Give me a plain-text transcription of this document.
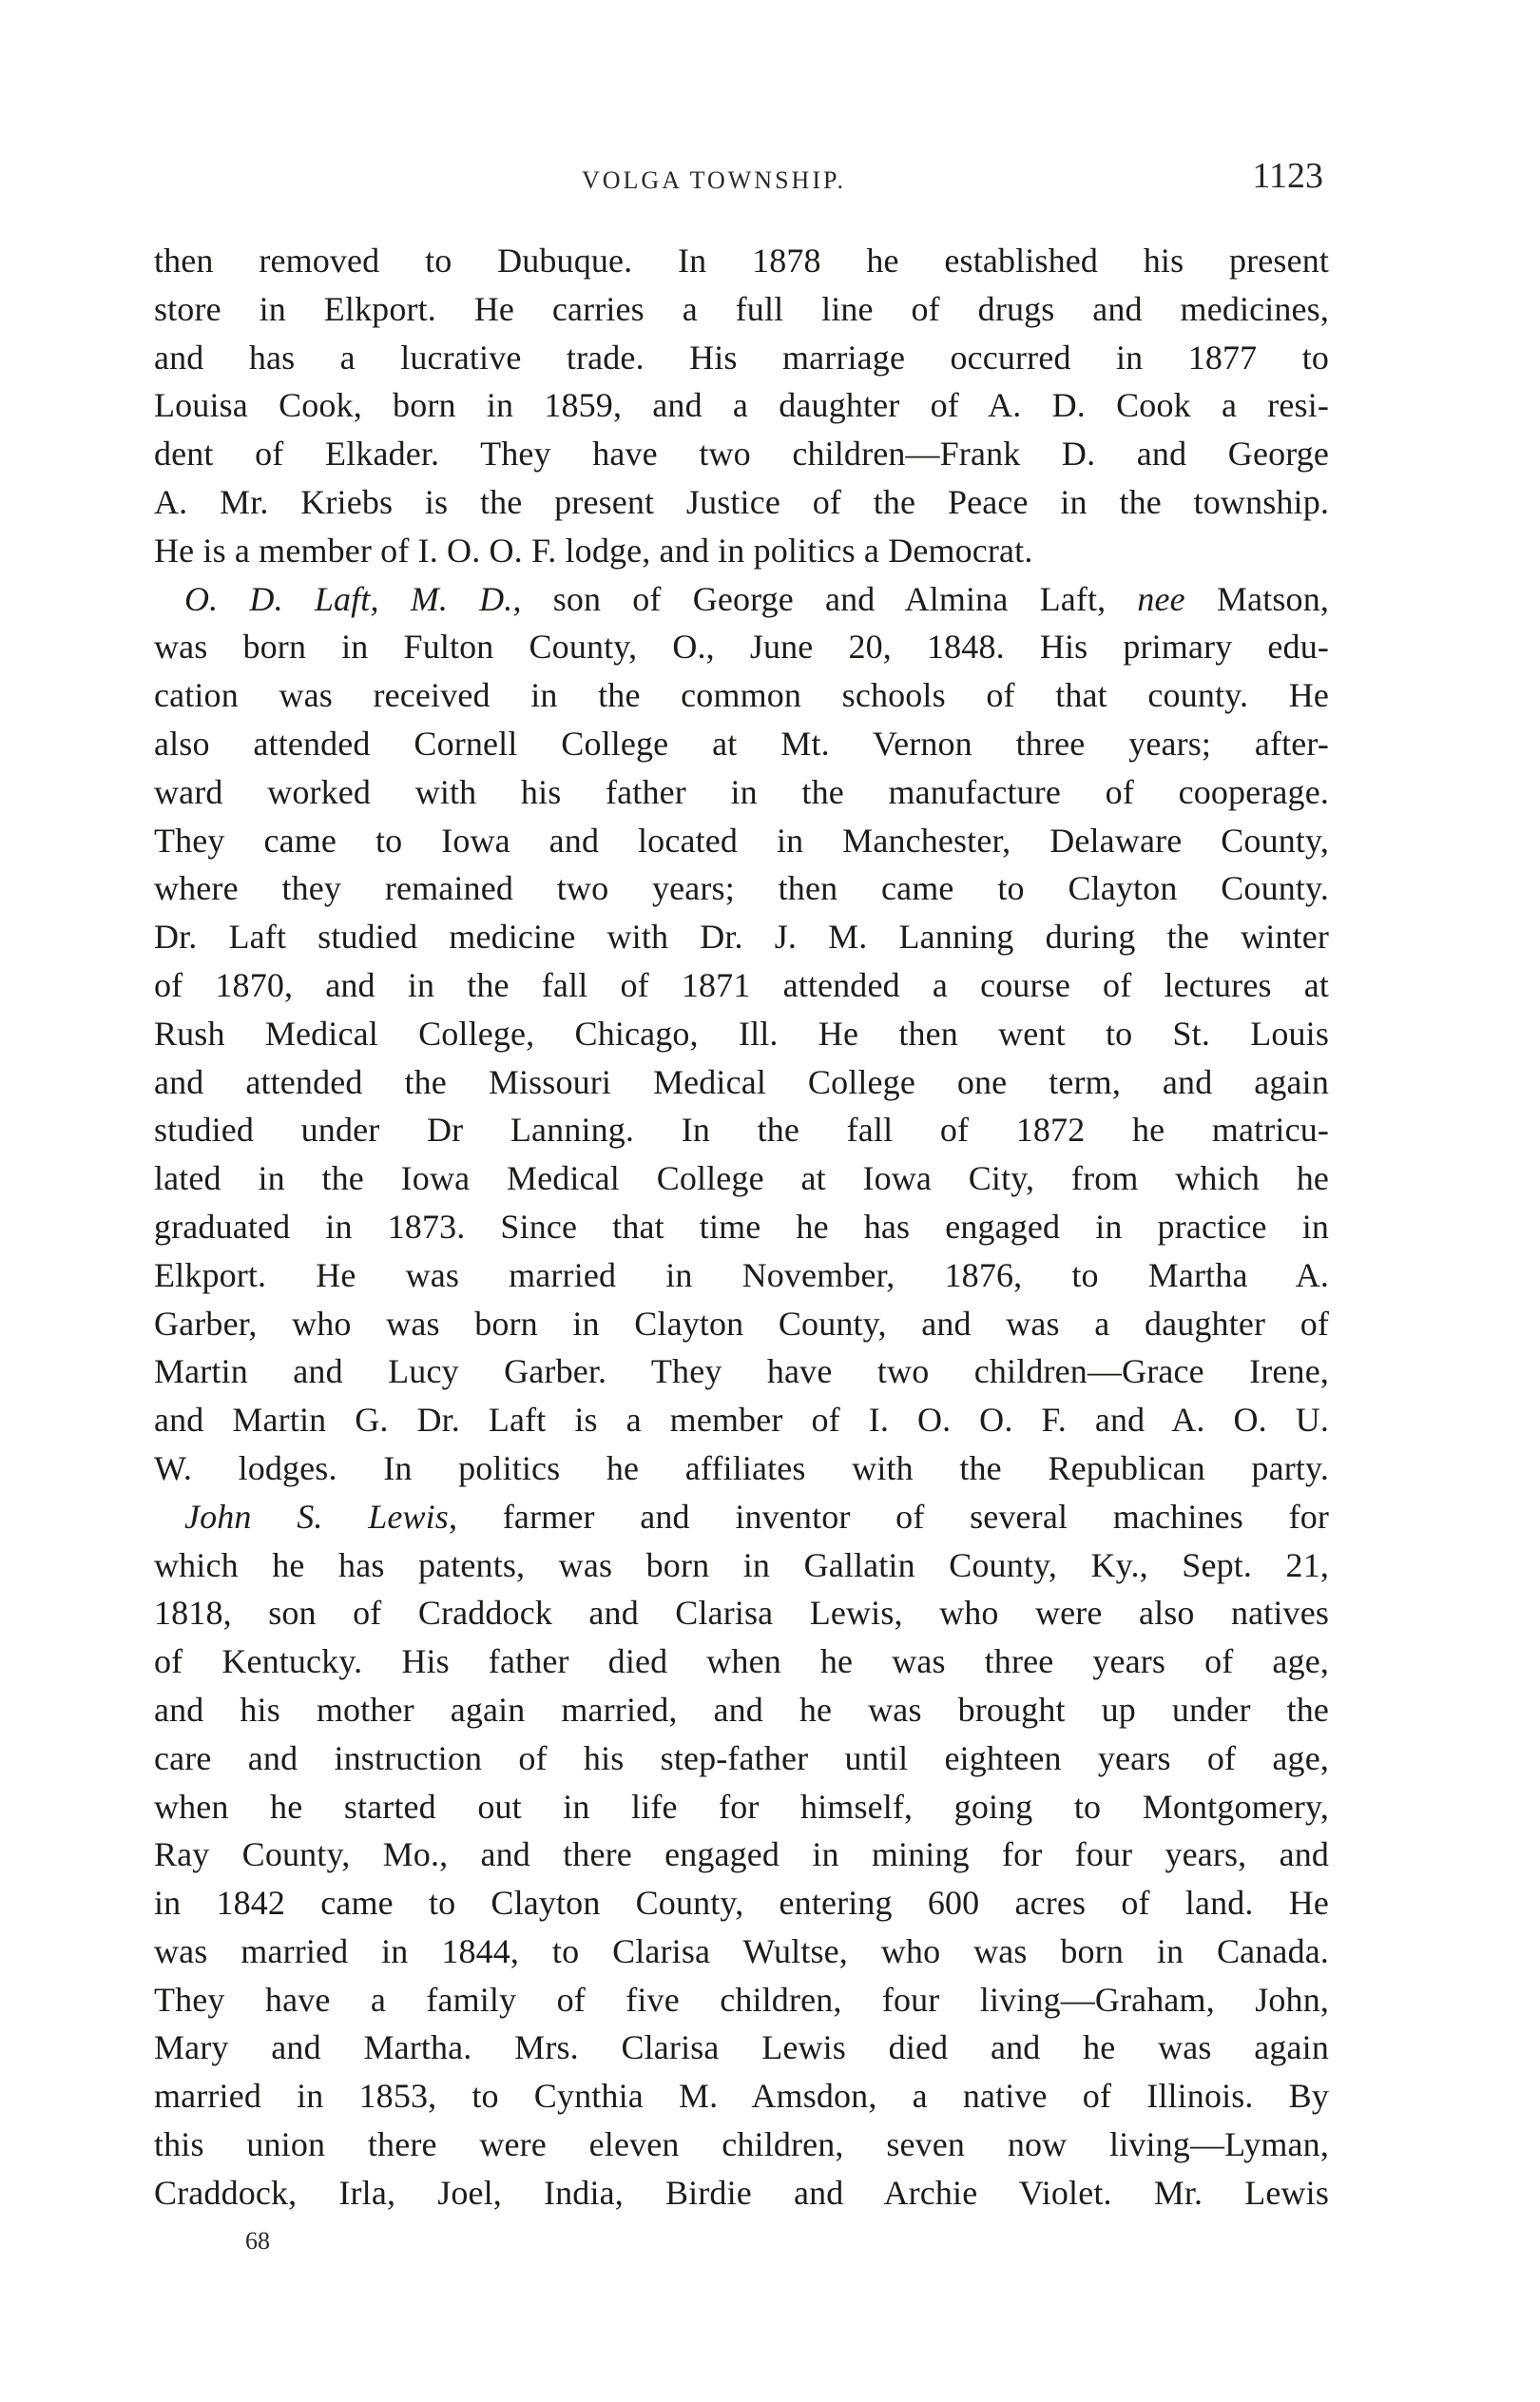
VOLGA TOWNSHIP.	1123
then removed to Dubuque. In 1878 he established his present
store in Elkport. He carries a full line of drugs and medicines,
and has a lucrative trade. His marriage occurred in 1877 to
Louisa Cook, born in 1859, and a daughter of A. D. Cook a resi-
dent of Elkader. They have two children—Frank D. and George
A. Mr. Kriebs is the present Justice of the Peace in the township.
He is a member of I. O. O. F. lodge, and in politics a Democrat.
O. D. Laft, M. D., son of George and Almina Laft, nee Matson,
was born in Fulton County, O., June 20, 1848. His primary edu-
cation was received in the common schools of that county. He
also attended Cornell College at Mt. Vernon three years; after-
ward worked with his father in the manufacture of cooperage.
They came to Iowa and located in Manchester, Delaware County,
where they remained two years; then came to Clayton County.
Dr. Laft studied medicine with Dr. J. M. Lanning during the winter
of 1870, and in the fall of 1871 attended a course of lectures at
Rush Medical College, Chicago, Ill. He then went to St. Louis
and attended the Missouri Medical College one term, and again
studied under Dr Lanning. In the fall of 1872 he matricu-
lated in the Iowa Medical College at Iowa City, from which he
graduated in 1873. Since that time he has engaged in practice in
Elkport. He was married in November, 1876, to Martha A.
Garber, who was born in Clayton County, and was a daughter of
Martin and Lucy Garber. They have two children—Grace Irene,
and Martin G. Dr. Laft is a member of I. O. O. F. and A. O. U.
W. lodges. In politics he affiliates with the Republican party.
John S. Lewis, farmer and inventor of several machines for
which he has patents, was born in Gallatin County, Ky., Sept. 21,
1818, son of Craddock and Clarisa Lewis, who were also natives
of Kentucky. His father died when he was three years of age,
and his mother again married, and he was brought up under the
care and instruction of his step-father until eighteen years of age,
when he started out in life for himself, going to Montgomery,
Ray County, Mo., and there engaged in mining for four years, and
in 1842 came to Clayton County, entering 600 acres of land. He
was married in 1844, to Clarisa Wultse, who was born in Canada.
They have a family of five children, four living—Graham, John,
Mary and Martha. Mrs. Clarisa Lewis died and he was again
married in 1853, to Cynthia M. Amsdon, a native of Illinois. By
this union there were eleven children, seven now living—Lyman,
Craddock, Irla, Joel, India, Birdie and Archie Violet. Mr. Lewis
68
